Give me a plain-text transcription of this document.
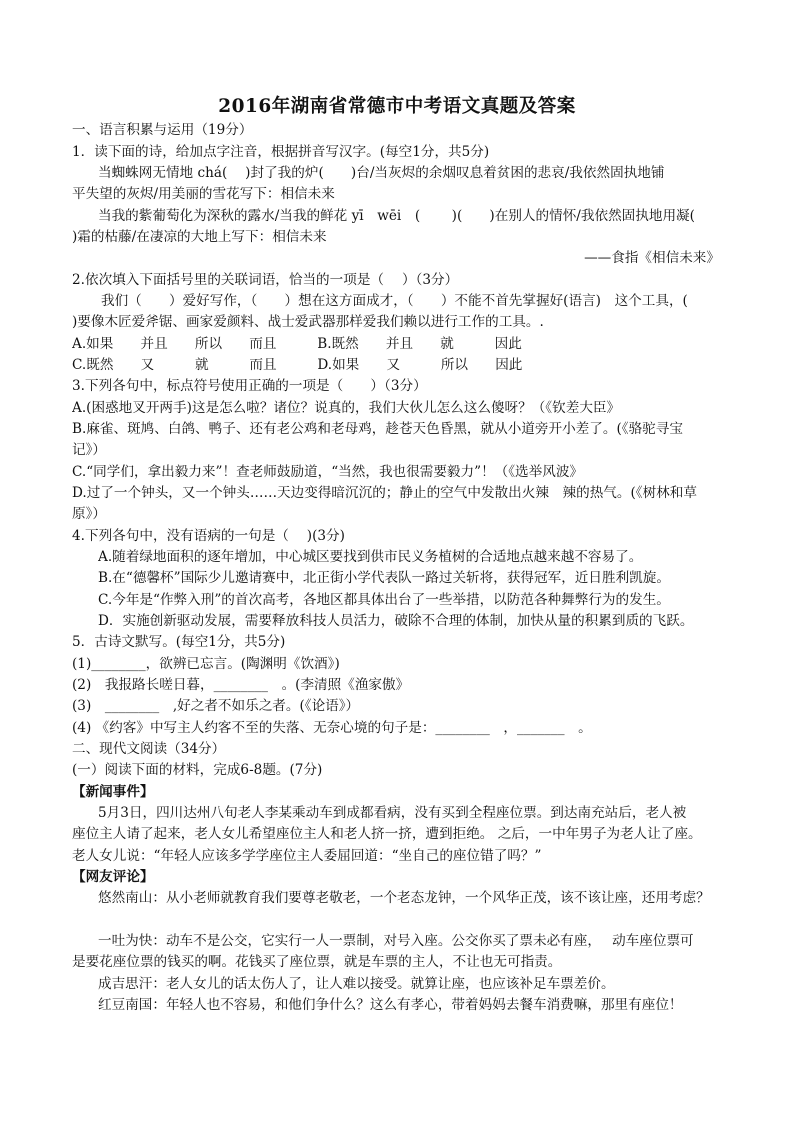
2016年湖南省常德市中考语文真题及答案
一、语言积累与运用（19分）
1．读下面的诗，给加点字注音，根据拼音写汉字。(每空1分，共5分)
当蜘蛛网无情地 chá(　 )封了我的炉(　　)台/当灰烬的余烟叹息着贫困的悲哀/我依然固执地铺
平失望的灰烬/用美丽的雪花写下：相信未来
当我的紫葡萄化为深秋的露水/当我的鲜花 yī　wēi　(　　 )(　　)在别人的情怀/我依然固执地用凝(
)霜的枯藤/在凄凉的大地上写下：相信未来
——食指《相信未来》
2.依次填入下面括号里的关联词语，恰当的一项是（　 ）（3分）
我们（　　）爱好写作，（　　）想在这方面成才，（　　）不能不首先掌握好(语言)　这个工具，(
)要像木匠爱斧锯、画家爱颜料、战士爱武器那样爱我们赖以进行工作的工具。.
A.如果　　并且　　所以　　而且　　　B.既然　　并且　　就　　　因此
C.既然　　又　　　就　　　而且　　　D.如果　　又　　　所以　　因此
3.下列各句中，标点符号使用正确的一项是（　　）（3分）
A.(困惑地叉开两手)这是怎么啦？诸位？说真的，我们大伙儿怎么这么傻呀？（《钦差大臣》
B.麻雀、斑鸠、白鸽、鸭子、还有老公鸡和老母鸡，趁苍天色昏黑，就从小道旁开小差了。(《骆驼寻宝
记》）
C.“同学们，拿出毅力来”！查老师鼓励道，“当然，我也很需要毅力”！（《选举风波》
D.过了一个钟头，又一个钟头……天边变得暗沉沉的；静止的空气中发散出火辣　辣的热气。(《树林和草
原》）
4.下列各句中，没有语病的一句是（　 )(3分)
A.随着绿地面积的逐年增加，中心城区要找到供市民义务植树的合适地点越来越不容易了。
B.在“德馨杯”国际少儿邀请赛中，北正街小学代表队一路过关斩将，获得冠军，近日胜利凯旋。
C.今年是“作弊入刑”的首次高考，各地区都具体出台了一些举措，以防范各种舞弊行为的发生。
D．实施创新驱动发展，需要释放科技人员活力，破除不合理的体制，加快从量的积累到质的飞跃。
5．古诗文默写。(每空1分，共5分)
(1)________，欲辨已忘言。(陶渊明《饮酒》)
(2)　我报路长嗟日暮，________　。(李清照《渔家傲》
(3)　________　,好之者不如乐之者。(《论语》）
(4) 《约客》中写主人约客不至的失落、无奈心境的句子是：________　，_______　。
二、现代文阅读（34分）
(一）阅读下面的材料，完成6-8题。(7分)
【新闻事件】
5月3日，四川达州八旬老人李某乘动车到成都看病，没有买到全程座位票。到达南充站后，老人被
座位主人请了起来，老人女儿希望座位主人和老人挤一挤，遭到拒绝。 之后，一中年男子为老人让了座。
老人女儿说：“年轻人应该多学学座位主人委屈回道：“坐自己的座位错了吗？”
【网友评论】
悠然南山：从小老师就教育我们要尊老敬老，一个老态龙钟，一个风华正茂，该不该让座，还用考虑？
一吐为快：动车不是公交，它实行一人一票制，对号入座。公交你买了票未必有座，　 动车座位票可
是要花座位票的钱买的啊。花钱买了座位票，就是车票的主人，不让也无可指责。
成吉思汗：老人女儿的话太伤人了，让人难以接受。就算让座，也应该补足车票差价。
红豆南国：年轻人也不容易，和他们争什么？这么有孝心，带着妈妈去餐车消费嘛，那里有座位！
